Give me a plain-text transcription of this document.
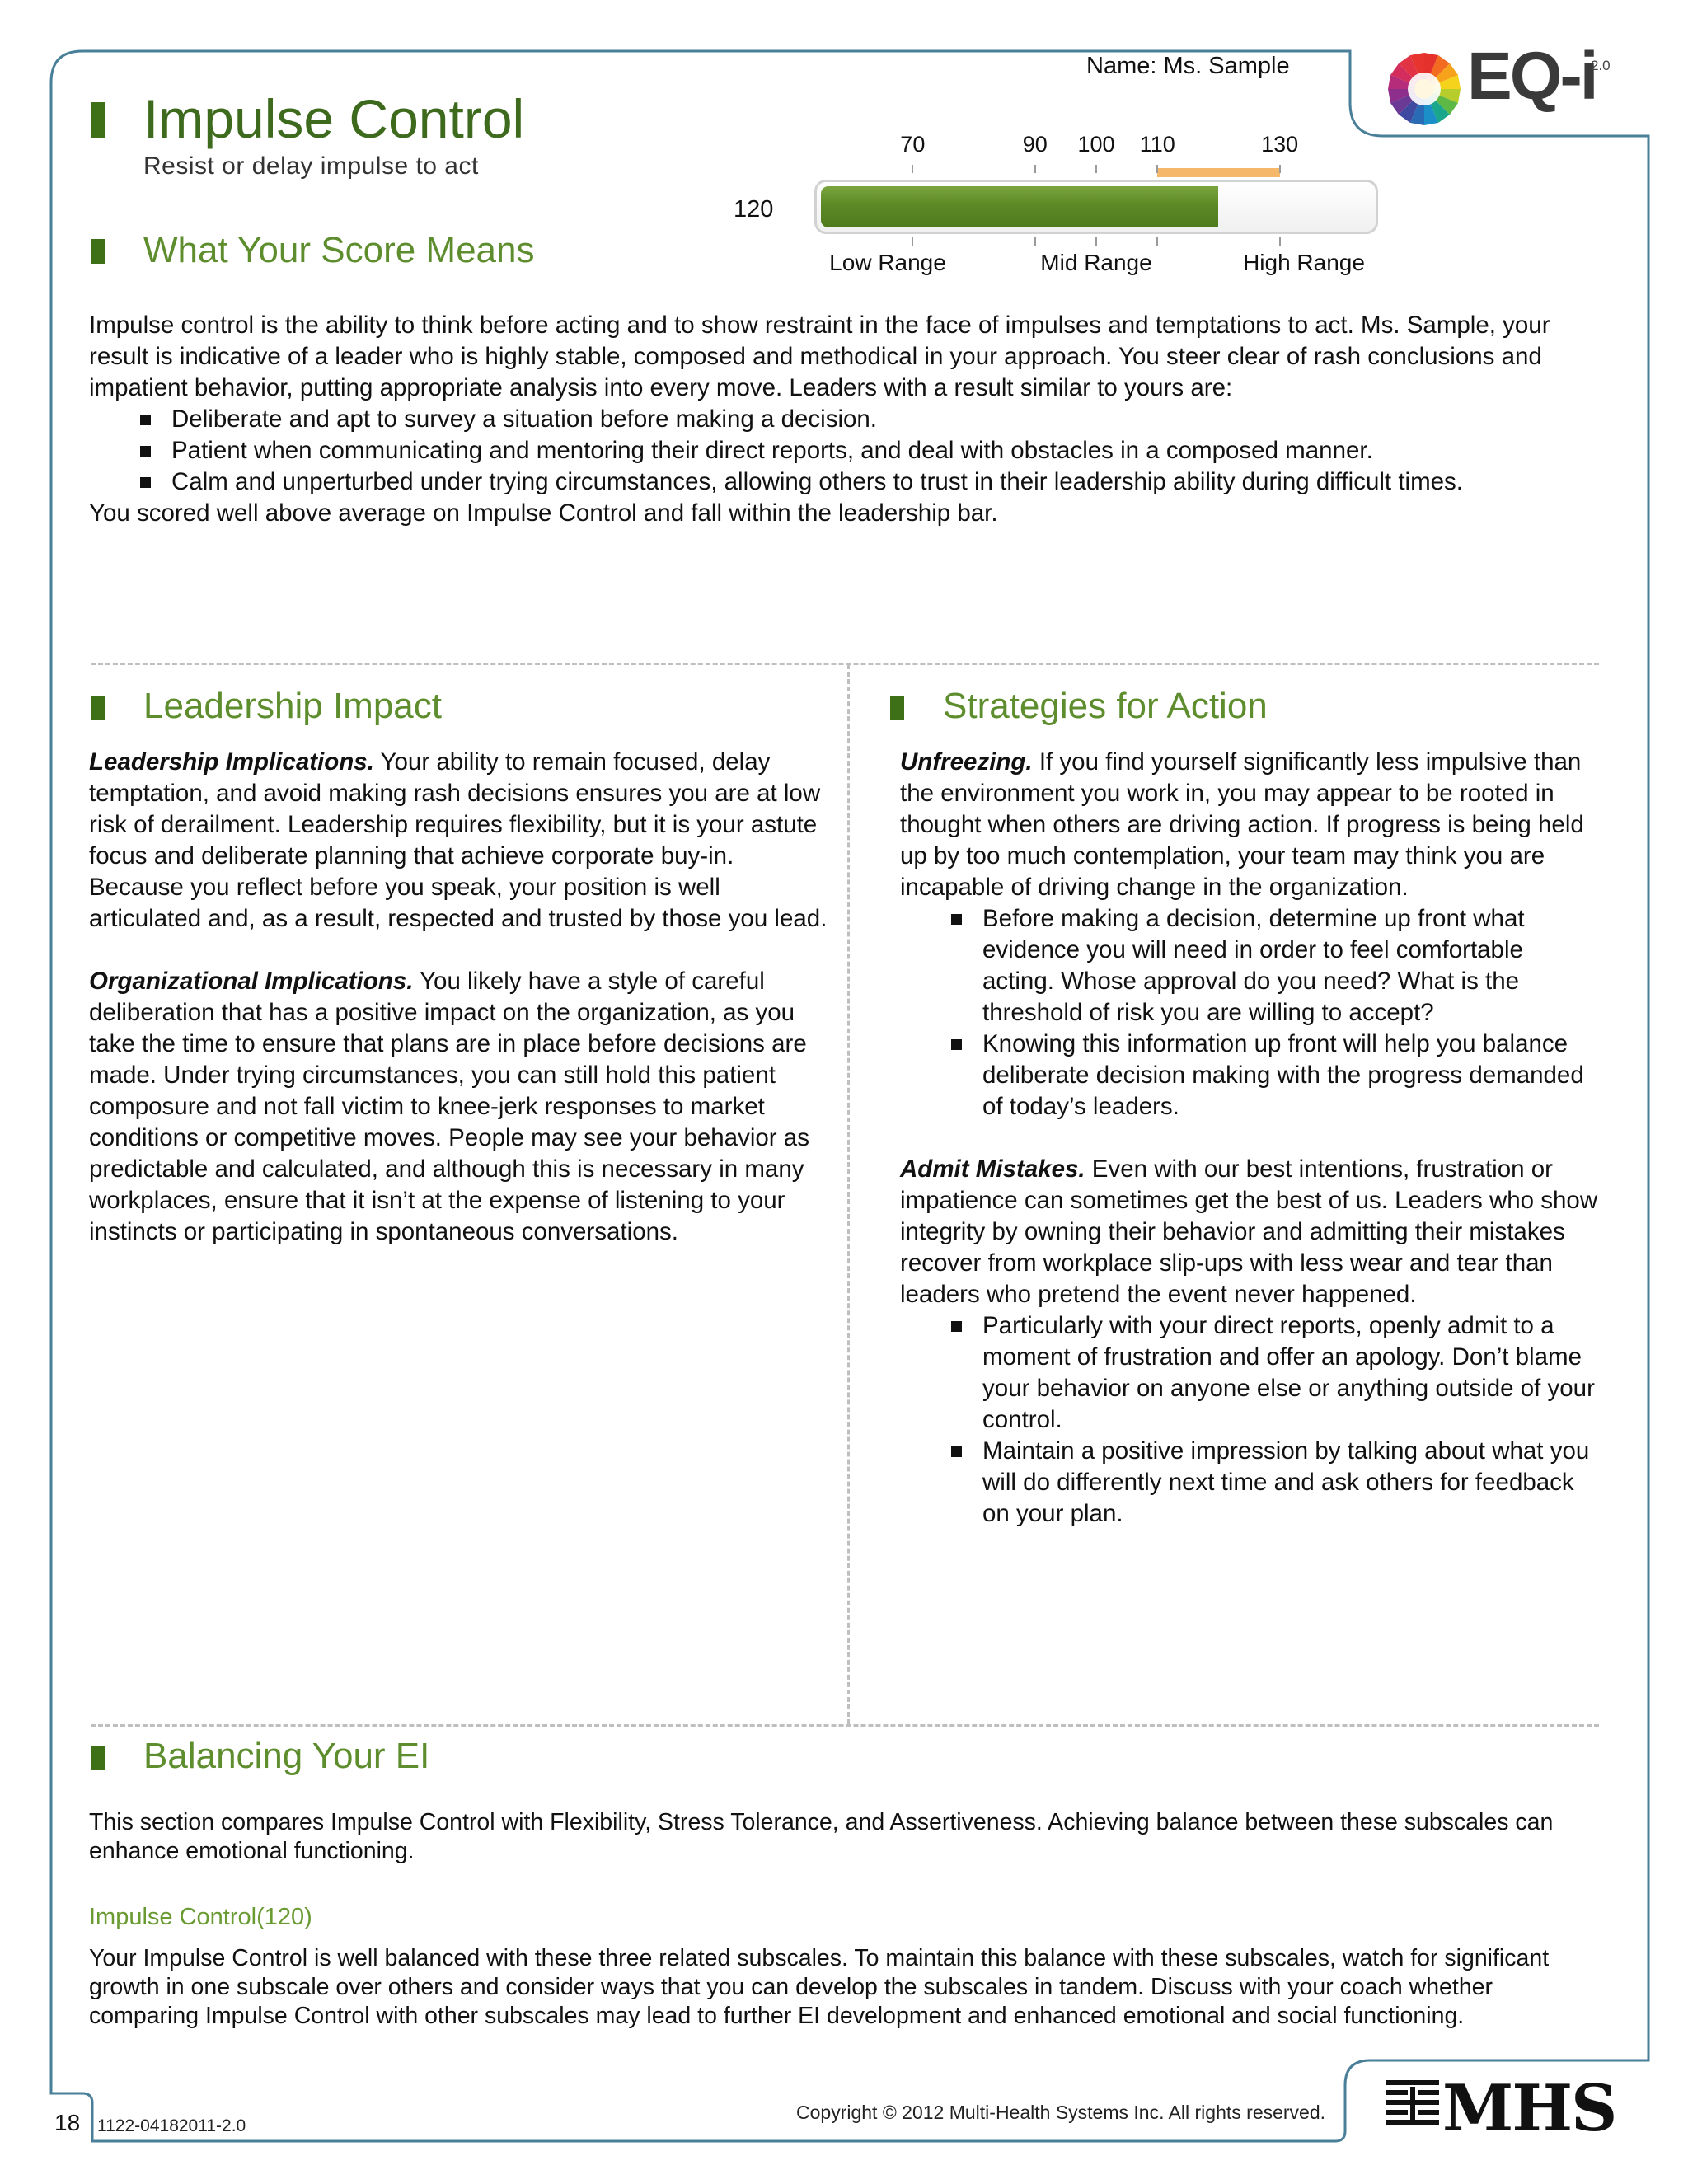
Name: Ms. Sample	EQ-i
2.0
Impulse Control
Resist or delay impulse to act
120
70	90 100 110	130
Low Range	Mid Range	High Range
What Your Score Means

Impulse control is the ability to think before acting and to show restraint in the face of impulses and temptations to act. Ms. Sample, your result is indicative of a leader who is highly stable, composed and methodical in your approach. You steer clear of rash conclusions and impatient behavior, putting appropriate analysis into every move. Leaders with a result similar to yours are:

Deliberate and apt to survey a situation before making a decision.
Patient when communicating and mentoring their direct reports, and deal with obstacles in a composed manner.
Calm and unperturbed under trying circumstances, allowing others to trust in their leadership ability during difficult times.

You scored well above average on Impulse Control and fall within the leadership bar.

Leadership Impact

Leadership Implications. Your ability to remain focused, delay temptation, and avoid making rash decisions ensures you are at low risk of derailment. Leadership requires flexibility, but it is your astute focus and deliberate planning that achieve corporate buy-in. Because you reflect before you speak, your position is well articulated and, as a result, respected and trusted by those you lead.

Organizational Implications. You likely have a style of careful deliberation that has a positive impact on the organization, as you take the time to ensure that plans are in place before decisions are made. Under trying circumstances, you can still hold this patient composure and not fall victim to knee-jerk responses to market conditions or competitive moves. People may see your behavior as predictable and calculated, and although this is necessary in many workplaces, ensure that it isn’t at the expense of listening to your instincts or participating in spontaneous conversations.

Strategies for Action

Unfreezing. If you find yourself significantly less impulsive than the environment you work in, you may appear to be rooted in thought when others are driving action. If progress is being held up by too much contemplation, your team may think you are incapable of driving change in the organization.

Before making a decision, determine up front what evidence you will need in order to feel comfortable acting. Whose approval do you need? What is the threshold of risk you are willing to accept?
Knowing this information up front will help you balance deliberate decision making with the progress demanded of today’s leaders.

Admit Mistakes. Even with our best intentions, frustration or impatience can sometimes get the best of us. Leaders who show integrity by owning their behavior and admitting their mistakes recover from workplace slip-ups with less wear and tear than leaders who pretend the event never happened.

Particularly with your direct reports, openly admit to a moment of frustration and offer an apology. Don’t blame your behavior on anyone else or anything outside of your control.
Maintain a positive impression by talking about what you will do differently next time and ask others for feedback on your plan.
Balancing Your EI
This section compares Impulse Control with Flexibility, Stress Tolerance, and Assertiveness. Achieving balance between these subscales can enhance emotional functioning.
Impulse Control(120)
Your Impulse Control is well balanced with these three related subscales. To maintain this balance with these subscales, watch for significant growth in one subscale over others and consider ways that you can develop the subscales in tandem. Discuss with your coach whether comparing Impulse Control with other subscales may lead to further EI development and enhanced emotional and social functioning.
18 1122-04182011-2.0
Copyright © 2012 Multi-Health Systems Inc. All rights reserved. MHS
